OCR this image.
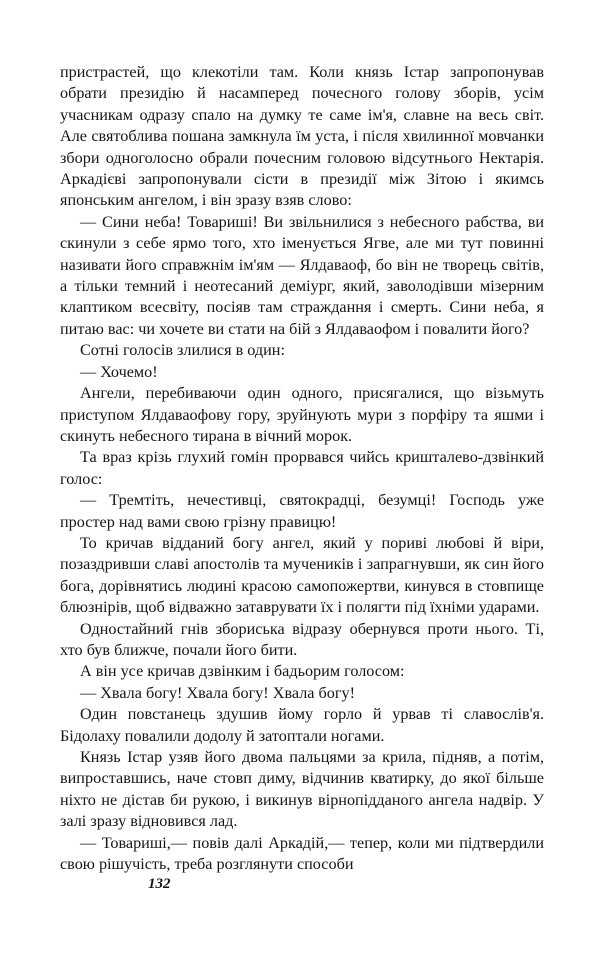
пристрастей, що клекотіли там. Коли князь Істар запропонував обрати президію й насамперед почесного голову зборів, усім учасникам одразу спало на думку те саме ім'я, славне на весь світ. Але святоблива пошана замкнула їм уста, і після хвилинної мовчанки збори одноголосно обрали почесним головою відсутнього Нектарія. Аркадієві запропонували сісти в президії між Зітою і якимсь японським ангелом, і він зразу взяв слово:

— Сини неба! Товариші! Ви звільнилися з небесного рабства, ви скинули з себе ярмо того, хто іменується Ягве, але ми тут повинні називати його справжнім ім'ям — Ялдаваоф, бо він не творець світів, а тільки темний і неотесаний деміург, який, заволодівши мізерним клаптиком всесвіту, посіяв там страждання і смерть. Сини неба, я питаю вас: чи хочете ви стати на бій з Ялдаваофом і повалити його?

Сотні голосів злилися в один:

— Хочемо!

Ангели, перебиваючи один одного, присягалися, що візьмуть приступом Ялдаваофову гору, зруйнують мури з порфіру та яшми і скинуть небесного тирана в вічний морок.

Та враз крізь глухий гомін прорвався чийсь кришталево-дзвінкий голос:

— Тремтіть, нечестивці, святокрадці, безумці! Господь уже простер над вами свою грізну правицю!

То кричав відданий богу ангел, який у пориві любові й віри, позаздривши славі апостолів та мучеників і запрагнувши, як син його бога, дорівнятись людині красою самопожертви, кинувся в стовпище блюзнірів, щоб відважно затаврувати їх і полягти під їхніми ударами.

Одностайний гнів збориська відразу обернувся проти нього. Ті, хто був ближче, почали його бити.

А він усе кричав дзвінким і бадьорим голосом:

— Хвала богу! Хвала богу! Хвала богу!

Один повстанець здушив йому горло й урвав ті славослів'я. Бідолаху повалили додолу й затоптали ногами.

Князь Істар узяв його двома пальцями за крила, підняв, а потім, випроставшись, наче стовп диму, відчинив кватирку, до якої більше ніхто не дістав би рукою, і викинув вірнопідданого ангела надвір. У залі зразу відновився лад.

— Товариші,— повів далі Аркадій,— тепер, коли ми підтвердили свою рішучість, треба розглянути способи

132
